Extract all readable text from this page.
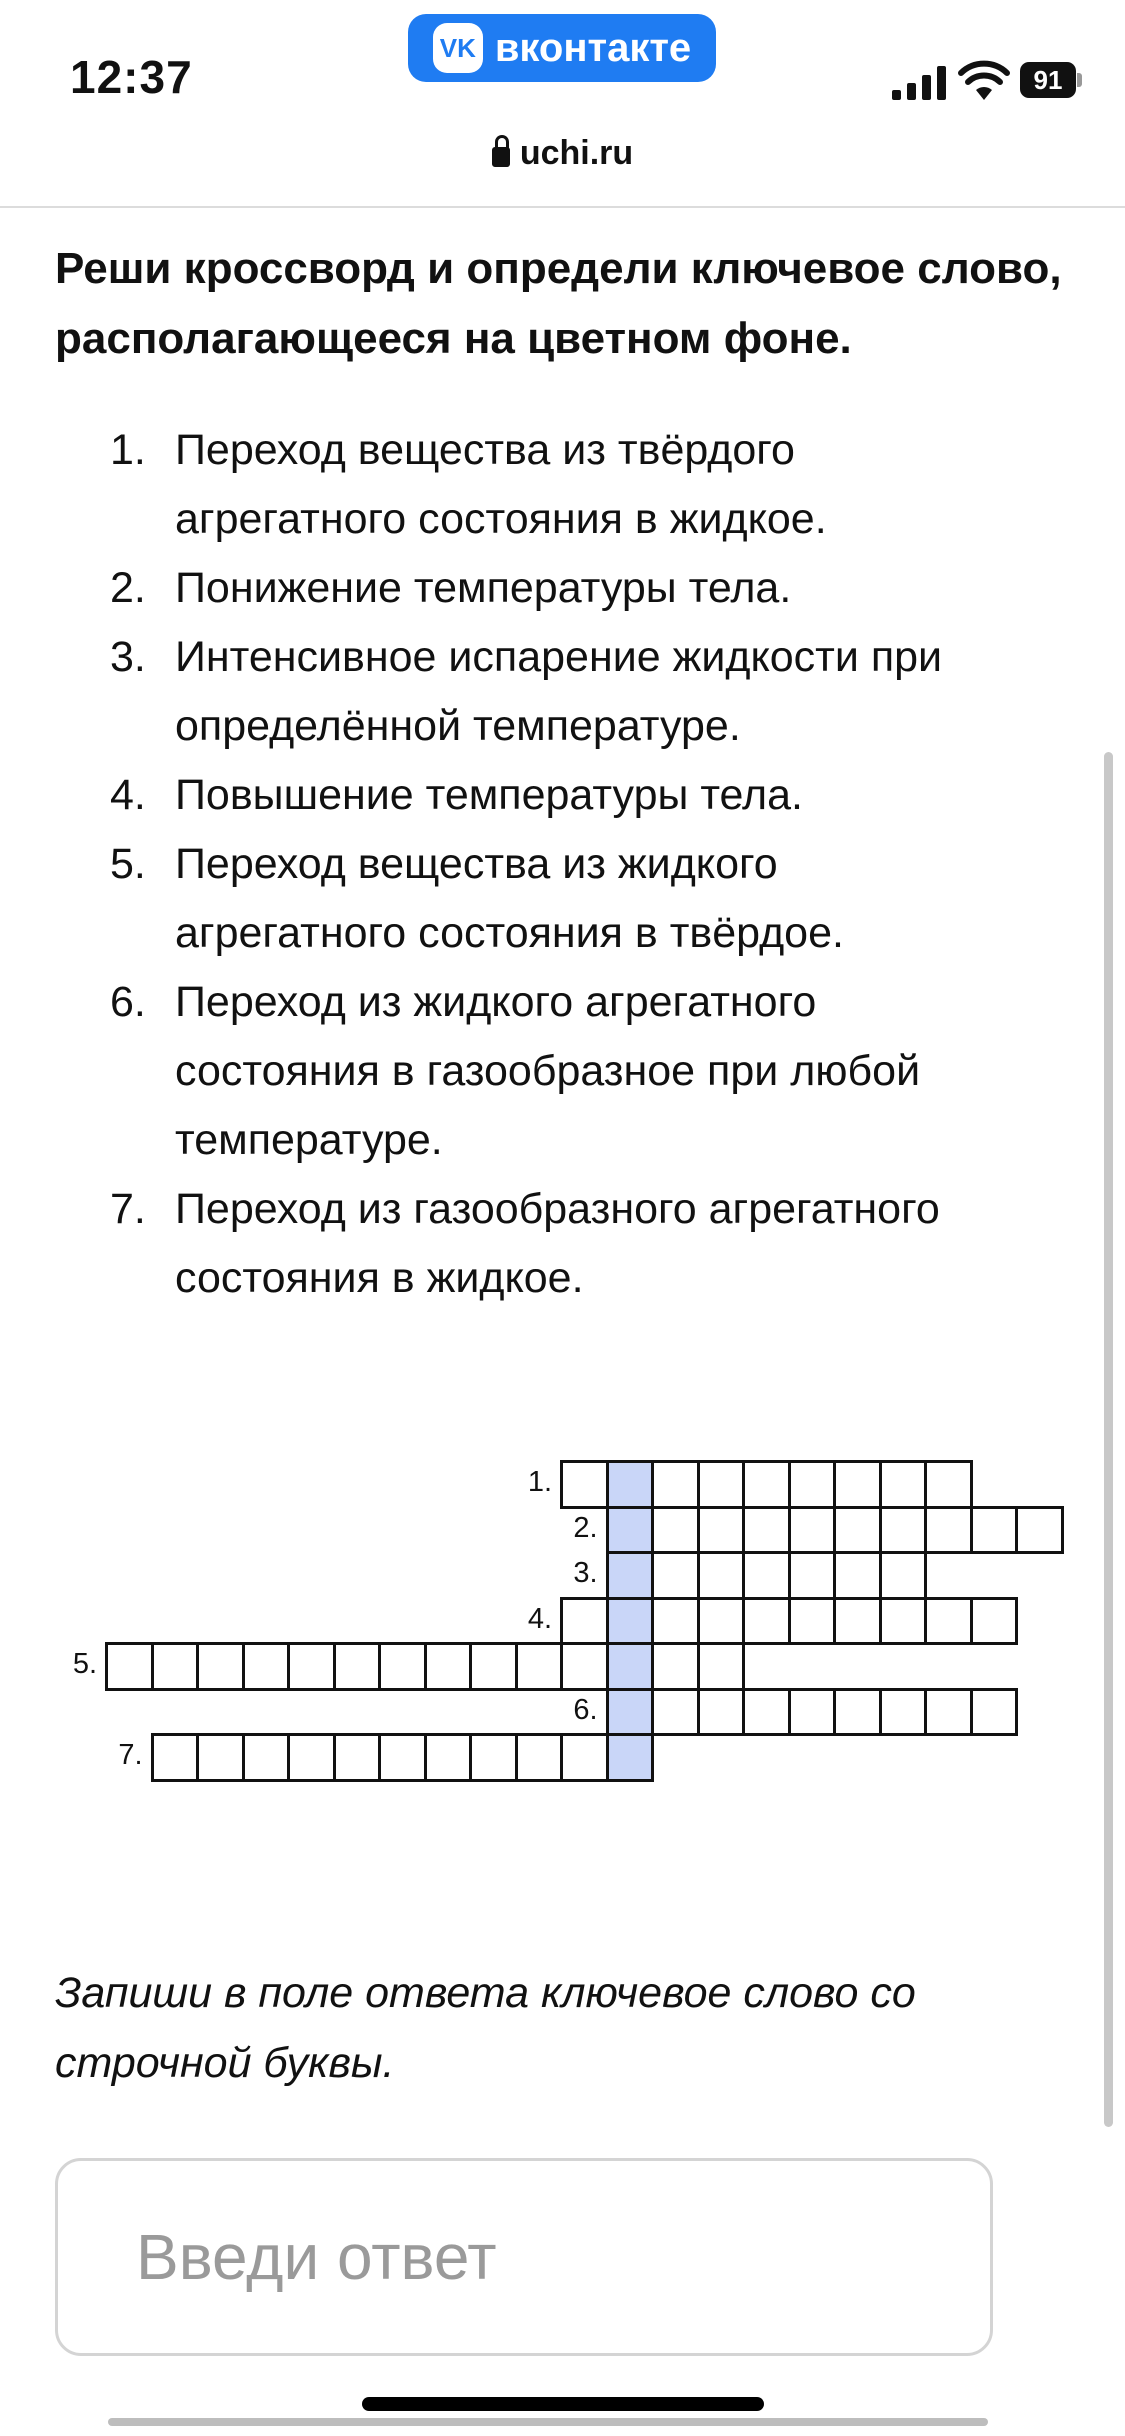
12:37
VK вконтакте
91
uchi.ru
Реши кроссворд и определи ключевое слово, располагающееся на цветном фоне.
1. Переход вещества из твёрдого агрегатного состояния в жидкое.
2. Понижение температуры тела.
3. Интенсивное испарение жидкости при определённой температуре.
4. Повышение температуры тела.
5. Переход вещества из жидкого агрегатного состояния в твёрдое.
6. Переход из жидкого агрегатного состояния в газообразное при любой температуре.
7. Переход из газообразного агрегатного состояния в жидкое.
1.
2.
3.
4.
5.
6.
7.
Запиши в поле ответа ключевое слово со строчной буквы.
Введи ответ
